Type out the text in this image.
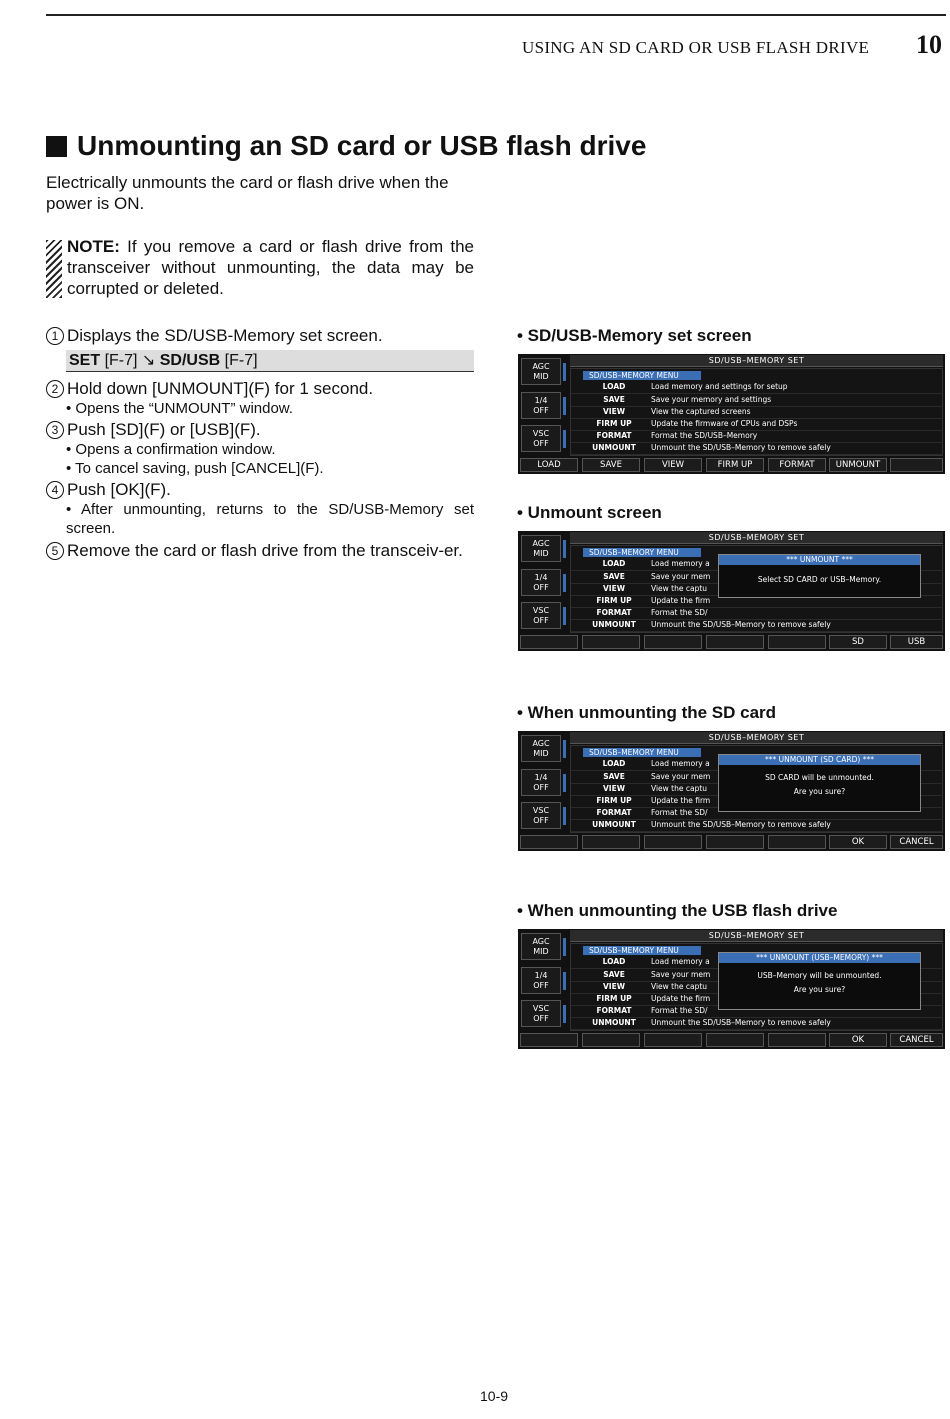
USING AN SD CARD OR USB FLASH DRIVE 10
Unmounting an SD card or USB flash drive
Electrically unmounts the card or flash drive when the power is ON.
NOTE: If you remove a card or flash drive from the transceiver without unmounting, the data may be corrupted or deleted.
1 Displays the SD/USB-Memory set screen.
SET [F-7] ↘ SD/USB [F-7]
2 Hold down [UNMOUNT](F) for 1 second.
• Opens the “UNMOUNT” window.
3 Push [SD](F) or [USB](F).
• Opens a confirmation window.
• To cancel saving, push [CANCEL](F).
4 Push [OK](F).
• After unmounting, returns to the SD/USB-Memory set screen.
5 Remove the card or flash drive from the transceiv-er.
• SD/USB-Memory set screen
SD/USB–MEMORY SET
AGC
MID
1/4
OFF
VSC
OFF
SD/USB–MEMORY MENU
LOAD	Load memory and settings for setup
SAVE	Save your memory and settings
VIEW	View the captured screens
FIRM UP	Update the firmware of CPUs and DSPs
FORMAT	Format the SD/USB–Memory
UNMOUNT	Unmount the SD/USB–Memory to remove safely
LOAD	SAVE	VIEW	FIRM UP	FORMAT	UNMOUNT
• Unmount screen
SD/USB–MEMORY SET
AGC
MID
1/4
OFF
VSC
OFF
SD/USB–MEMORY MENU
LOAD	Load memory a
SAVE	Save your mem
VIEW	View the captu
FIRM UP	Update the firm
FORMAT	Format the SD/
UNMOUNT	Unmount the SD/USB–Memory to remove safely
*** UNMOUNT ***
Select SD CARD or USB–Memory.
SD	USB
• When unmounting the SD card
SD/USB–MEMORY SET
AGC
MID
1/4
OFF
VSC
OFF
SD/USB–MEMORY MENU
LOAD	Load memory a
SAVE	Save your mem
VIEW	View the captu
FIRM UP	Update the firm
FORMAT	Format the SD/
UNMOUNT	Unmount the SD/USB–Memory to remove safely
*** UNMOUNT (SD CARD) ***
SD CARD will be unmounted.
Are you sure?
OK	CANCEL
• When unmounting the USB flash drive
SD/USB–MEMORY SET
AGC
MID
1/4
OFF
VSC
OFF
SD/USB–MEMORY MENU
LOAD	Load memory a
SAVE	Save your mem
VIEW	View the captu
FIRM UP	Update the firm
FORMAT	Format the SD/
UNMOUNT	Unmount the SD/USB–Memory to remove safely
*** UNMOUNT (USB–MEMORY) ***
USB–Memory will be unmounted.
Are you sure?
OK	CANCEL
10-9
